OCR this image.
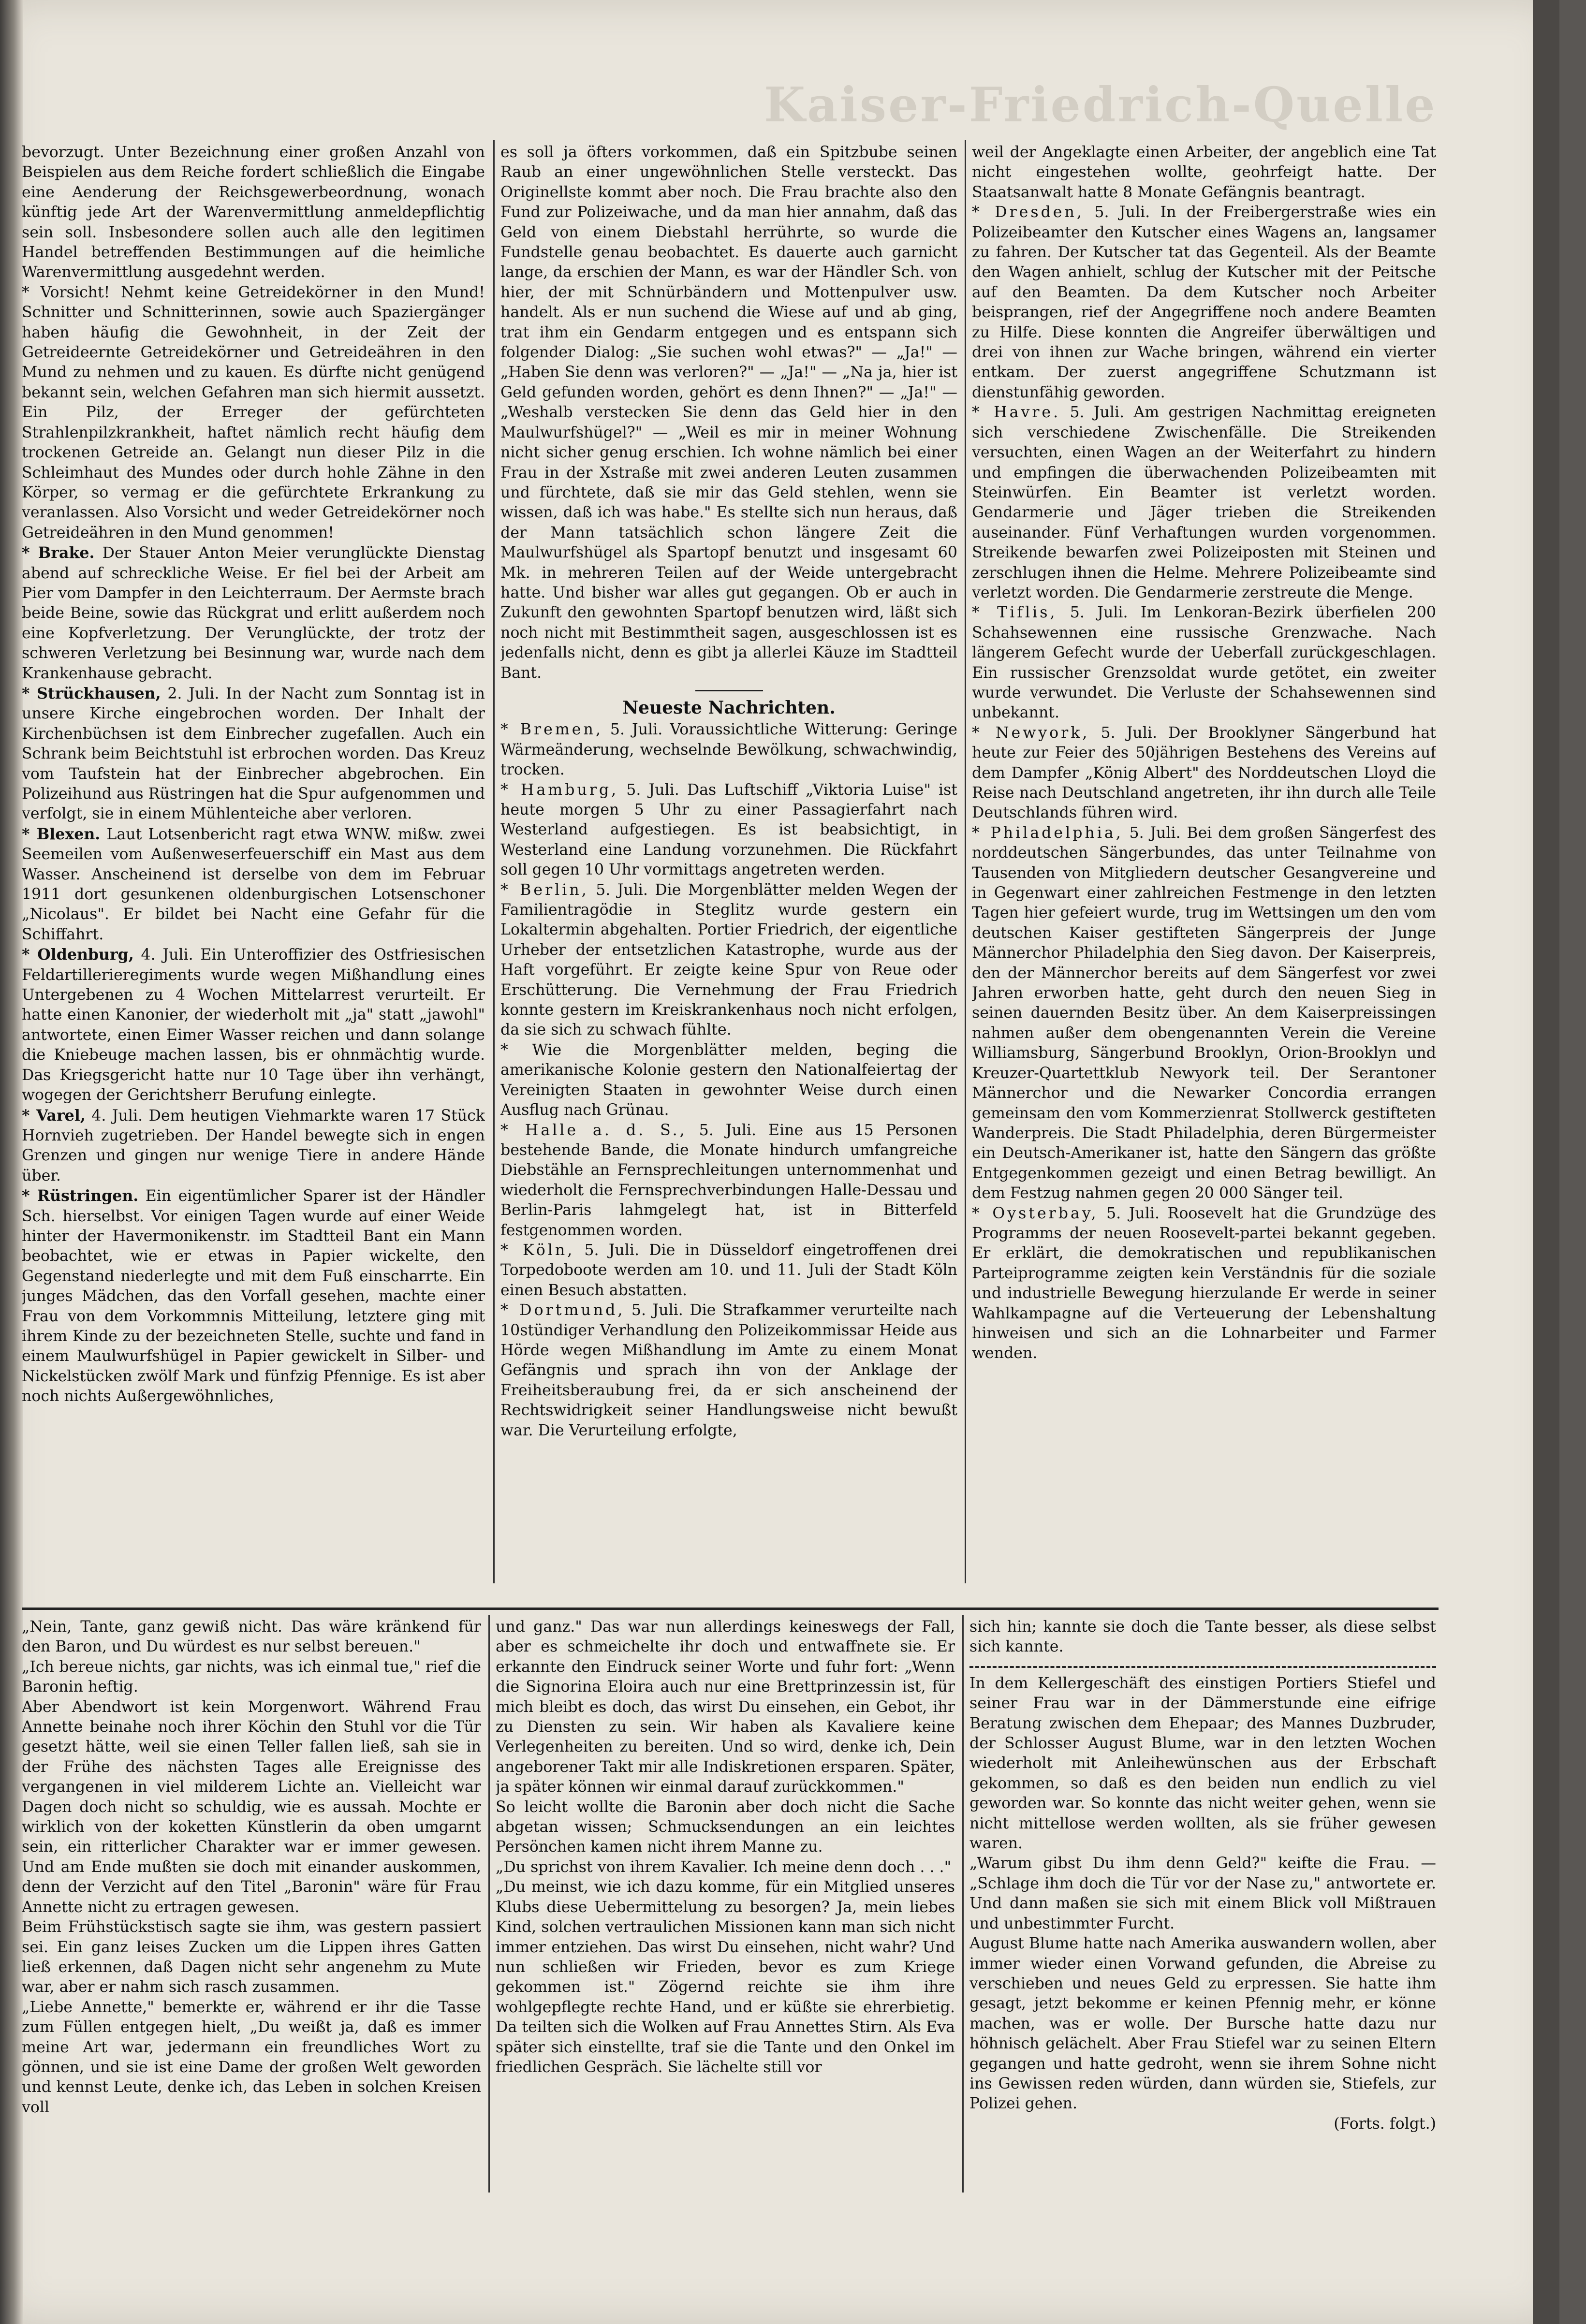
Kaiser-Friedrich-Quelle

bevorzugt. Unter Bezeichnung einer großen Anzahl von Beispielen aus dem Reiche fordert schließlich die Eingabe eine Aenderung der Reichsgewerbeordnung, wonach künftig jede Art der Warenvermittlung anmeldepflichtig sein soll. Insbesondere sollen auch alle den legitimen Handel betreffenden Bestimmungen auf die heimliche Warenvermittlung ausgedehnt werden.

* Vorsicht! Nehmt keine Getreidekörner in den Mund! Schnitter und Schnitterinnen, sowie auch Spaziergänger haben häufig die Gewohnheit, in der Zeit der Getreideernte Getreidekörner und Getreideähren in den Mund zu nehmen und zu kauen. Es dürfte nicht genügend bekannt sein, welchen Gefahren man sich hiermit aussetzt. Ein Pilz, der Erreger der gefürchteten Strahlenpilzkrankheit, haftet nämlich recht häufig dem trockenen Getreide an. Gelangt nun dieser Pilz in die Schleimhaut des Mundes oder durch hohle Zähne in den Körper, so vermag er die gefürchtete Erkrankung zu veranlassen. Also Vorsicht und weder Getreidekörner noch Getreideähren in den Mund genommen!

* Brake. Der Stauer Anton Meier verunglückte Dienstag abend auf schreckliche Weise. Er fiel bei der Arbeit am Pier vom Dampfer in den Leichterraum. Der Aermste brach beide Beine, sowie das Rückgrat und erlitt außerdem noch eine Kopfverletzung. Der Verunglückte, der trotz der schweren Verletzung bei Besinnung war, wurde nach dem Krankenhause gebracht.

* Strückhausen, 2. Juli. In der Nacht zum Sonntag ist in unsere Kirche eingebrochen worden. Der Inhalt der Kirchenbüchsen ist dem Einbrecher zugefallen. Auch ein Schrank beim Beichtstuhl ist erbrochen worden. Das Kreuz vom Taufstein hat der Einbrecher abgebrochen. Ein Polizeihund aus Rüstringen hat die Spur aufgenommen und verfolgt, sie in einem Mühlenteiche aber verloren.

* Blexen. Laut Lotsenbericht ragt etwa WNW. mißw. zwei Seemeilen vom Außenweserfeuerschiff ein Mast aus dem Wasser. Anscheinend ist derselbe von dem im Februar 1911 dort gesunkenen oldenburgischen Lotsenschoner „Nicolaus". Er bildet bei Nacht eine Gefahr für die Schiffahrt.

* Oldenburg, 4. Juli. Ein Unteroffizier des Ostfriesischen Feldartillerieregiments wurde wegen Mißhandlung eines Untergebenen zu 4 Wochen Mittelarrest verurteilt. Er hatte einen Kanonier, der wiederholt mit „ja" statt „jawohl" antwortete, einen Eimer Wasser reichen und dann solange die Kniebeuge machen lassen, bis er ohnmächtig wurde. Das Kriegsgericht hatte nur 10 Tage über ihn verhängt, wogegen der Gerichtsherr Berufung einlegte.

* Varel, 4. Juli. Dem heutigen Viehmarkte waren 17 Stück Hornvieh zugetrieben. Der Handel bewegte sich in engen Grenzen und gingen nur wenige Tiere in andere Hände über.

* Rüstringen. Ein eigentümlicher Sparer ist der Händler Sch. hierselbst. Vor einigen Tagen wurde auf einer Weide hinter der Havermonikenstr. im Stadtteil Bant ein Mann beobachtet, wie er etwas in Papier wickelte, den Gegenstand niederlegte und mit dem Fuß einscharrte. Ein junges Mädchen, das den Vorfall gesehen, machte einer Frau von dem Vorkommnis Mitteilung, letztere ging mit ihrem Kinde zu der bezeichneten Stelle, suchte und fand in einem Maulwurfshügel in Papier gewickelt in Silber- und Nickelstücken zwölf Mark und fünfzig Pfennige. Es ist aber noch nichts Außergewöhnliches,

es soll ja öfters vorkommen, daß ein Spitzbube seinen Raub an einer ungewöhnlichen Stelle versteckt. Das Originellste kommt aber noch. Die Frau brachte also den Fund zur Polizeiwache, und da man hier annahm, daß das Geld von einem Diebstahl herrührte, so wurde die Fundstelle genau beobachtet. Es dauerte auch garnicht lange, da erschien der Mann, es war der Händler Sch. von hier, der mit Schnürbändern und Mottenpulver usw. handelt. Als er nun suchend die Wiese auf und ab ging, trat ihm ein Gendarm entgegen und es entspann sich folgender Dialog: „Sie suchen wohl etwas?" — „Ja!" — „Haben Sie denn was verloren?" — „Ja!" — „Na ja, hier ist Geld gefunden worden, gehört es denn Ihnen?" — „Ja!" — „Weshalb verstecken Sie denn das Geld hier in den Maulwurfshügel?" — „Weil es mir in meiner Wohnung nicht sicher genug erschien. Ich wohne nämlich bei einer Frau in der Xstraße mit zwei anderen Leuten zusammen und fürchtete, daß sie mir das Geld stehlen, wenn sie wissen, daß ich was habe." Es stellte sich nun heraus, daß der Mann tatsächlich schon längere Zeit die Maulwurfshügel als Spartopf benutzt und insgesamt 60 Mk. in mehreren Teilen auf der Weide untergebracht hatte. Und bisher war alles gut gegangen. Ob er auch in Zukunft den gewohnten Spartopf benutzen wird, läßt sich noch nicht mit Bestimmtheit sagen, ausgeschlossen ist es jedenfalls nicht, denn es gibt ja allerlei Käuze im Stadtteil Bant.

Neueste Nachrichten.

* Bremen, 5. Juli. Voraussichtliche Witterung: Geringe Wärmeänderung, wechselnde Bewölkung, schwachwindig, trocken.

* Hamburg, 5. Juli. Das Luftschiff „Viktoria Luise" ist heute morgen 5 Uhr zu einer Passagierfahrt nach Westerland aufgestiegen. Es ist beabsichtigt, in Westerland eine Landung vorzunehmen. Die Rückfahrt soll gegen 10 Uhr vormittags angetreten werden.

* Berlin, 5. Juli. Die Morgenblätter melden Wegen der Familientragödie in Steglitz wurde gestern ein Lokaltermin abgehalten. Portier Friedrich, der eigentliche Urheber der entsetzlichen Katastrophe, wurde aus der Haft vorgeführt. Er zeigte keine Spur von Reue oder Erschütterung. Die Vernehmung der Frau Friedrich konnte gestern im Kreiskrankenhaus noch nicht erfolgen, da sie sich zu schwach fühlte.

* Wie die Morgenblätter melden, beging die amerikanische Kolonie gestern den Nationalfeiertag der Vereinigten Staaten in gewohnter Weise durch einen Ausflug nach Grünau.

* Halle a. d. S., 5. Juli. Eine aus 15 Personen bestehende Bande, die Monate hindurch umfangreiche Diebstähle an Fernsprechleitungen unternommenhat und wiederholt die Fernsprechverbindungen Halle-Dessau und Berlin-Paris lahmgelegt hat, ist in Bitterfeld festgenommen worden.

* Köln, 5. Juli. Die in Düsseldorf eingetroffenen drei Torpedoboote werden am 10. und 11. Juli der Stadt Köln einen Besuch abstatten.

* Dortmund, 5. Juli. Die Strafkammer verurteilte nach 10stündiger Verhandlung den Polizeikommissar Heide aus Hörde wegen Mißhandlung im Amte zu einem Monat Gefängnis und sprach ihn von der Anklage der Freiheitsberaubung frei, da er sich anscheinend der Rechtswidrigkeit seiner Handlungsweise nicht bewußt war. Die Verurteilung erfolgte,

weil der Angeklagte einen Arbeiter, der angeblich eine Tat nicht eingestehen wollte, geohrfeigt hatte. Der Staatsanwalt hatte 8 Monate Gefängnis beantragt.

* Dresden, 5. Juli. In der Freibergerstraße wies ein Polizeibeamter den Kutscher eines Wagens an, langsamer zu fahren. Der Kutscher tat das Gegenteil. Als der Beamte den Wagen anhielt, schlug der Kutscher mit der Peitsche auf den Beamten. Da dem Kutscher noch Arbeiter beisprangen, rief der Angegriffene noch andere Beamten zu Hilfe. Diese konnten die Angreifer überwältigen und drei von ihnen zur Wache bringen, während ein vierter entkam. Der zuerst angegriffene Schutzmann ist dienstunfähig geworden.

* Havre. 5. Juli. Am gestrigen Nachmittag ereigneten sich verschiedene Zwischenfälle. Die Streikenden versuchten, einen Wagen an der Weiterfahrt zu hindern und empfingen die überwachenden Polizeibeamten mit Steinwürfen. Ein Beamter ist verletzt worden. Gendarmerie und Jäger trieben die Streikenden auseinander. Fünf Verhaftungen wurden vorgenommen. Streikende bewarfen zwei Polizeiposten mit Steinen und zerschlugen ihnen die Helme. Mehrere Polizeibeamte sind verletzt worden. Die Gendarmerie zerstreute die Menge.

* Tiflis, 5. Juli. Im Lenkoran-Bezirk überfielen 200 Schahsewennen eine russische Grenzwache. Nach längerem Gefecht wurde der Ueberfall zurückgeschlagen. Ein russischer Grenzsoldat wurde getötet, ein zweiter wurde verwundet. Die Verluste der Schahsewennen sind unbekannt.

* Newyork, 5. Juli. Der Brooklyner Sängerbund hat heute zur Feier des 50jährigen Bestehens des Vereins auf dem Dampfer „König Albert" des Norddeutschen Lloyd die Reise nach Deutschland angetreten, ihr ihn durch alle Teile Deutschlands führen wird.

* Philadelphia, 5. Juli. Bei dem großen Sängerfest des norddeutschen Sängerbundes, das unter Teilnahme von Tausenden von Mitgliedern deutscher Gesangvereine und in Gegenwart einer zahlreichen Festmenge in den letzten Tagen hier gefeiert wurde, trug im Wettsingen um den vom deutschen Kaiser gestifteten Sängerpreis der Junge Männerchor Philadelphia den Sieg davon. Der Kaiserpreis, den der Männerchor bereits auf dem Sängerfest vor zwei Jahren erworben hatte, geht durch den neuen Sieg in seinen dauernden Besitz über. An dem Kaiserpreissingen nahmen außer dem obengenannten Verein die Vereine Williamsburg, Sängerbund Brooklyn, Orion-Brooklyn und Kreuzer-Quartettklub Newyork teil. Der Serantoner Männerchor und die Newarker Concordia errangen gemeinsam den vom Kommerzienrat Stollwerck gestifteten Wanderpreis. Die Stadt Philadelphia, deren Bürgermeister ein Deutsch-Amerikaner ist, hatte den Sängern das größte Entgegenkommen gezeigt und einen Betrag bewilligt. An dem Festzug nahmen gegen 20 000 Sänger teil.

* Oysterbay, 5. Juli. Roosevelt hat die Grundzüge des Programms der neuen Roosevelt-partei bekannt gegeben. Er erklärt, die demokratischen und republikanischen Parteiprogramme zeigten kein Verständnis für die soziale und industrielle Bewegung hierzulande Er werde in seiner Wahlkampagne auf die Verteuerung der Lebenshaltung hinweisen und sich an die Lohnarbeiter und Farmer wenden.

„Nein, Tante, ganz gewiß nicht. Das wäre kränkend für den Baron, und Du würdest es nur selbst bereuen."

„Ich bereue nichts, gar nichts, was ich einmal tue," rief die Baronin heftig.

Aber Abendwort ist kein Morgenwort. Während Frau Annette beinahe noch ihrer Köchin den Stuhl vor die Tür gesetzt hätte, weil sie einen Teller fallen ließ, sah sie in der Frühe des nächsten Tages alle Ereignisse des vergangenen in viel milderem Lichte an. Vielleicht war Dagen doch nicht so schuldig, wie es aussah. Mochte er wirklich von der koketten Künstlerin da oben umgarnt sein, ein ritterlicher Charakter war er immer gewesen. Und am Ende mußten sie doch mit einander auskommen, denn der Verzicht auf den Titel „Baronin" wäre für Frau Annette nicht zu ertragen gewesen.

Beim Frühstückstisch sagte sie ihm, was gestern passiert sei. Ein ganz leises Zucken um die Lippen ihres Gatten ließ erkennen, daß Dagen nicht sehr angenehm zu Mute war, aber er nahm sich rasch zusammen.

„Liebe Annette," bemerkte er, während er ihr die Tasse zum Füllen entgegen hielt, „Du weißt ja, daß es immer meine Art war, jedermann ein freundliches Wort zu gönnen, und sie ist eine Dame der großen Welt geworden und kennst Leute, denke ich, das Leben in solchen Kreisen voll

und ganz." Das war nun allerdings keineswegs der Fall, aber es schmeichelte ihr doch und entwaffnete sie. Er erkannte den Eindruck seiner Worte und fuhr fort: „Wenn die Signorina Eloira auch nur eine Brettprinzessin ist, für mich bleibt es doch, das wirst Du einsehen, ein Gebot, ihr zu Diensten zu sein. Wir haben als Kavaliere keine Verlegenheiten zu bereiten. Und so wird, denke ich, Dein angeborener Takt mir alle Indiskretionen ersparen. Später, ja später können wir einmal darauf zurückkommen."

So leicht wollte die Baronin aber doch nicht die Sache abgetan wissen; Schmucksendungen an ein leichtes Persönchen kamen nicht ihrem Manne zu.

„Du sprichst von ihrem Kavalier. Ich meine denn doch . . ."

„Du meinst, wie ich dazu komme, für ein Mitglied unseres Klubs diese Uebermittelung zu besorgen? Ja, mein liebes Kind, solchen vertraulichen Missionen kann man sich nicht immer entziehen. Das wirst Du einsehen, nicht wahr? Und nun schließen wir Frieden, bevor es zum Kriege gekommen ist." Zögernd reichte sie ihm ihre wohlgepflegte rechte Hand, und er küßte sie ehrerbietig. Da teilten sich die Wolken auf Frau Annettes Stirn. Als Eva später sich einstellte, traf sie die Tante und den Onkel im friedlichen Gespräch. Sie lächelte still vor

sich hin; kannte sie doch die Tante besser, als diese selbst sich kannte.

In dem Kellergeschäft des einstigen Portiers Stiefel und seiner Frau war in der Dämmerstunde eine eifrige Beratung zwischen dem Ehepaar; des Mannes Duzbruder, der Schlosser August Blume, war in den letzten Wochen wiederholt mit Anleihewünschen aus der Erbschaft gekommen, so daß es den beiden nun endlich zu viel geworden war. So konnte das nicht weiter gehen, wenn sie nicht mittellose werden wollten, als sie früher gewesen waren.

„Warum gibst Du ihm denn Geld?" keifte die Frau. — „Schlage ihm doch die Tür vor der Nase zu," antwortete er. Und dann maßen sie sich mit einem Blick voll Mißtrauen und unbestimmter Furcht.

August Blume hatte nach Amerika auswandern wollen, aber immer wieder einen Vorwand gefunden, die Abreise zu verschieben und neues Geld zu erpressen. Sie hatte ihm gesagt, jetzt bekomme er keinen Pfennig mehr, er könne machen, was er wolle. Der Bursche hatte dazu nur höhnisch gelächelt. Aber Frau Stiefel war zu seinen Eltern gegangen und hatte gedroht, wenn sie ihrem Sohne nicht ins Gewissen reden würden, dann würden sie, Stiefels, zur Polizei gehen.

(Forts. folgt.)
